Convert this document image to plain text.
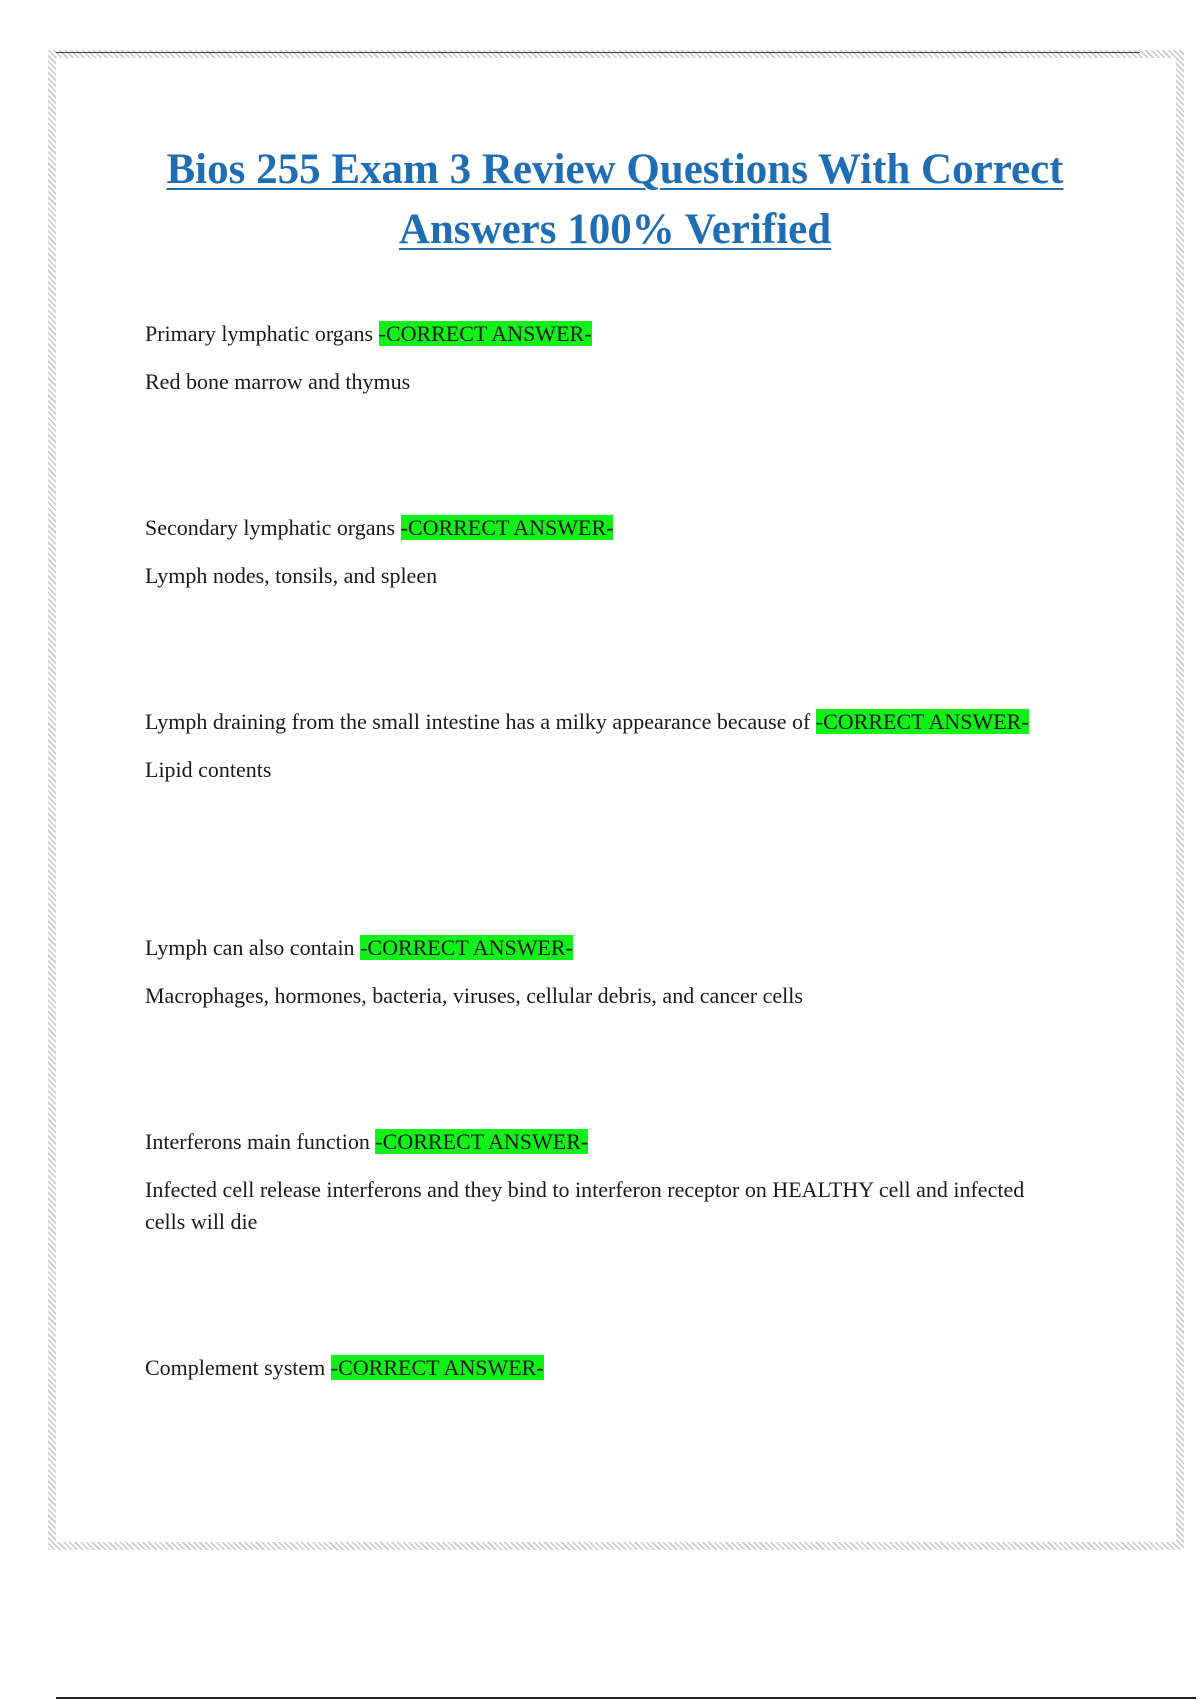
Bios 255 Exam 3 Review Questions With Correct Answers 100% Verified

Primary lymphatic organs -CORRECT ANSWER-

Red bone marrow and thymus

Secondary lymphatic organs -CORRECT ANSWER-

Lymph nodes, tonsils, and spleen

Lymph draining from the small intestine has a milky appearance because of -CORRECT ANSWER-

Lipid contents

Lymph can also contain -CORRECT ANSWER-

Macrophages, hormones, bacteria, viruses, cellular debris, and cancer cells

Interferons main function -CORRECT ANSWER-

Infected cell release interferons and they bind to interferon receptor on HEALTHY cell and infected cells will die

Complement system -CORRECT ANSWER-
